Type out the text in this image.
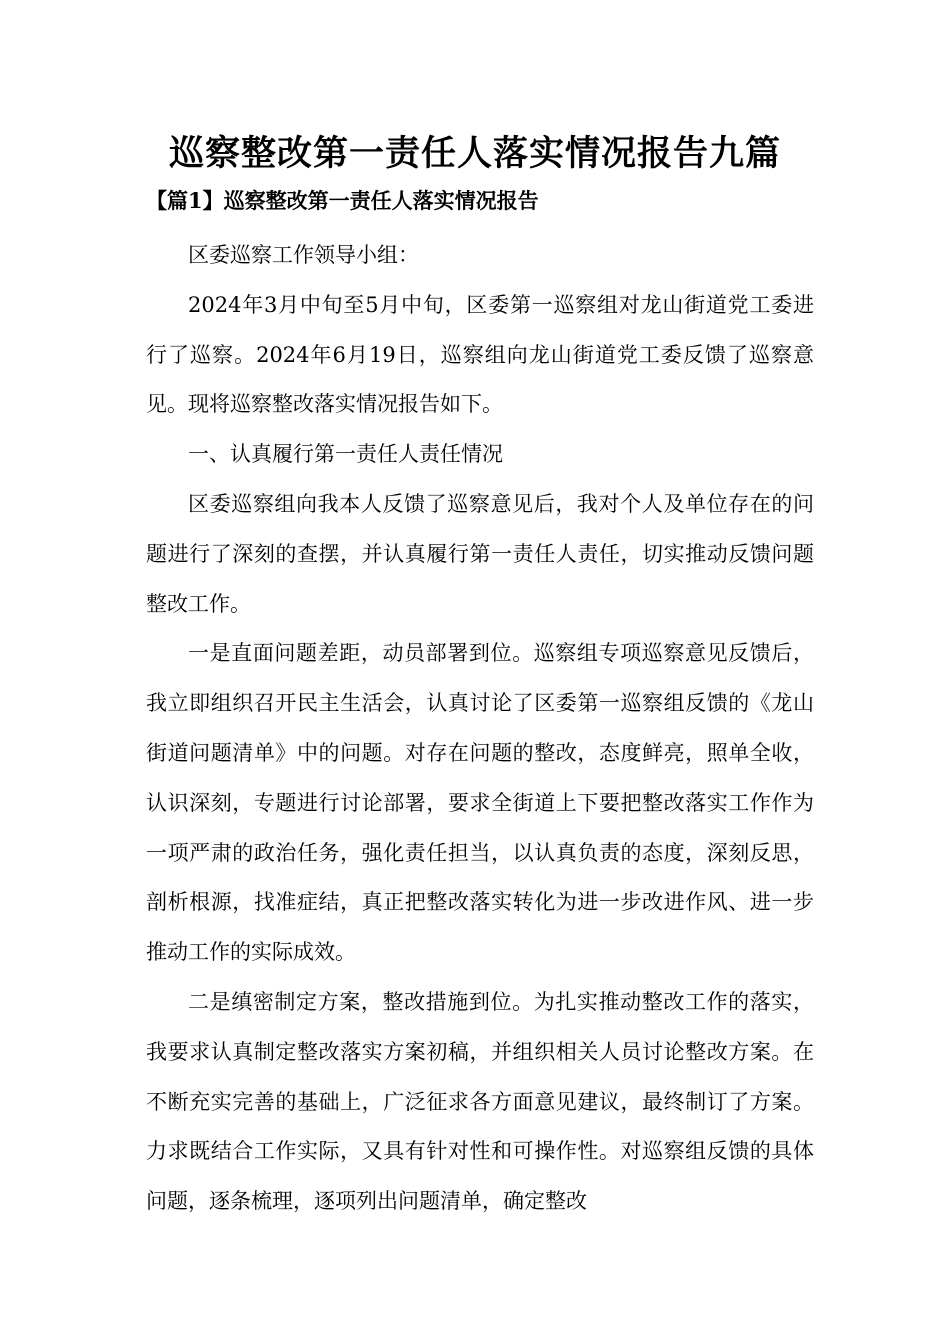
巡察整改第一责任人落实情况报告九篇
【篇1】巡察整改第一责任人落实情况报告

区委巡察工作领导小组：

2024年3月中旬至5月中旬，区委第一巡察组对龙山街道党工委进行了巡察。2024年6月19日，巡察组向龙山街道党工委反馈了巡察意见。现将巡察整改落实情况报告如下。

一、认真履行第一责任人责任情况

区委巡察组向我本人反馈了巡察意见后，我对个人及单位存在的问题进行了深刻的查摆，并认真履行第一责任人责任，切实推动反馈问题整改工作。

一是直面问题差距，动员部署到位。巡察组专项巡察意见反馈后，我立即组织召开民主生活会，认真讨论了区委第一巡察组反馈的《龙山街道问题清单》中的问题。对存在问题的整改，态度鲜亮，照单全收，认识深刻，专题进行讨论部署，要求全街道上下要把整改落实工作作为一项严肃的政治任务，强化责任担当，以认真负责的态度，深刻反思，剖析根源，找准症结，真正把整改落实转化为进一步改进作风、进一步推动工作的实际成效。

二是缜密制定方案，整改措施到位。为扎实推动整改工作的落实，我要求认真制定整改落实方案初稿，并组织相关人员讨论整改方案。在不断充实完善的基础上，广泛征求各方面意见建议，最终制订了方案。力求既结合工作实际，又具有针对性和可操作性。对巡察组反馈的具体问题，逐条梳理，逐项列出问题清单，确定整改
